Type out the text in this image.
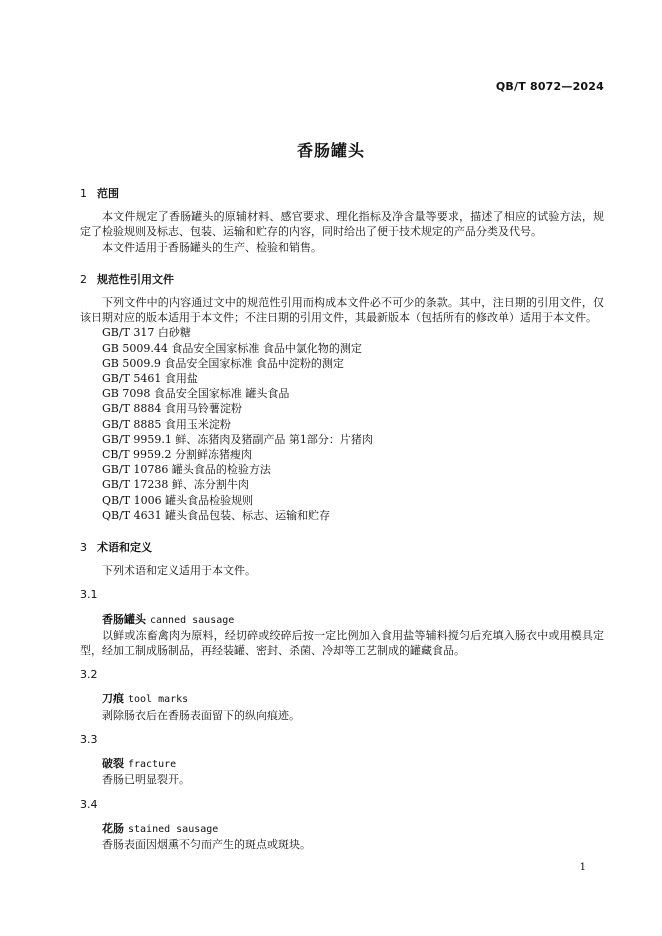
QB/T 8072—2024
香肠罐头
1 范围
本文件规定了香肠罐头的原辅材料、感官要求、理化指标及净含量等要求，描述了相应的试验方法，规定了检验规则及标志、包装、运输和贮存的内容，同时给出了便于技术规定的产品分类及代号。
本文件适用于香肠罐头的生产、检验和销售。
2 规范性引用文件
下列文件中的内容通过文中的规范性引用而构成本文件必不可少的条款。其中，注日期的引用文件，仅该日期对应的版本适用于本文件；不注日期的引用文件，其最新版本（包括所有的修改单）适用于本文件。
GB/T 317 白砂糖
GB 5009.44 食品安全国家标准 食品中氯化物的测定
GB 5009.9 食品安全国家标准 食品中淀粉的测定
GB/T 5461 食用盐
GB 7098 食品安全国家标准 罐头食品
GB/T 8884 食用马铃薯淀粉
GB/T 8885 食用玉米淀粉
GB/T 9959.1 鲜、冻猪肉及猪副产品 第1部分：片猪肉
CB/T 9959.2 分割鲜冻猪瘦肉
GB/T 10786 罐头食品的检验方法
GB/T 17238 鲜、冻分割牛肉
QB/T 1006 罐头食品检验规则
QB/T 4631 罐头食品包装、标志、运输和贮存
3 术语和定义
下列术语和定义适用于本文件。
3.1
香肠罐头 canned sausage
以鲜或冻畜禽肉为原料，经切碎或绞碎后按一定比例加入食用盐等辅料搅匀后充填入肠衣中或用模具定型，经加工制成肠制品，再经装罐、密封、杀菌、冷却等工艺制成的罐藏食品。
3.2
刀痕 tool marks
剥除肠衣后在香肠表面留下的纵向痕迹。
3.3
破裂 fracture
香肠已明显裂开。
3.4
花肠 stained sausage
香肠表面因烟熏不匀而产生的斑点或斑块。
1
